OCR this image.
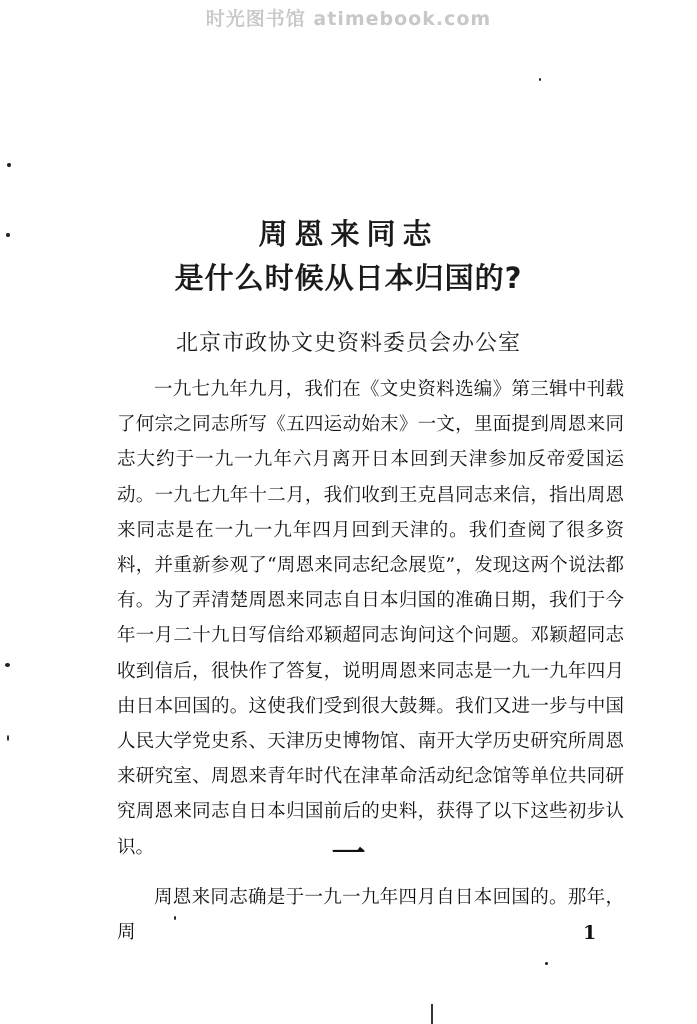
时光图书馆 atimebook.com
周恩来同志
是什么时候从日本归国的?
北京市政协文史资料委员会办公室

一九七九年九月，我们在《文史资料选编》第三辑中刊载了何宗之同志所写《五四运动始末》一文，里面提到周恩来同志大约于一九一九年六月离开日本回到天津参加反帝爱国运动。一九七九年十二月，我们收到王克昌同志来信，指出周恩来同志是在一九一九年四月回到天津的。我们查阅了很多资料，并重新参观了“周恩来同志纪念展览”，发现这两个说法都有。为了弄清楚周恩来同志自日本归国的准确日期，我们于今年一月二十九日写信给邓颖超同志询问这个问题。邓颖超同志收到信后，很快作了答复，说明周恩来同志是一九一九年四月由日本回国的。这使我们受到很大鼓舞。我们又进一步与中国人民大学党史系、天津历史博物馆、南开大学历史研究所周恩来研究室、周恩来青年时代在津革命活动纪念馆等单位共同研究周恩来同志自日本归国前后的史料，获得了以下这些初步认识。	一

周恩来同志确是于一九一九年四月自日本回国的。那年，周	1
